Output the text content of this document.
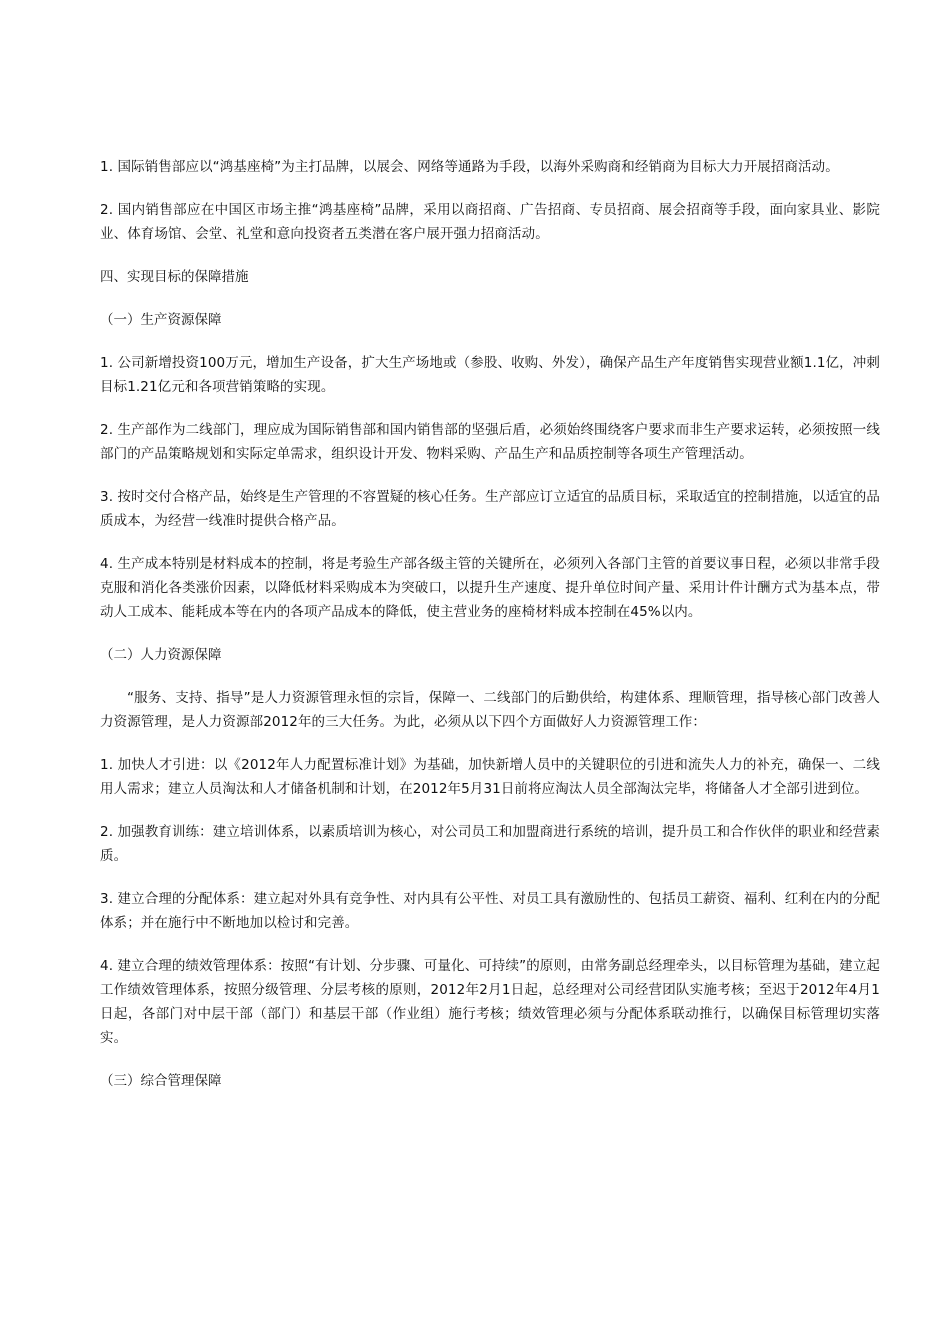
1. 国际销售部应以“鸿基座椅”为主打品牌，以展会、网络等通路为手段，以海外采购商和经销商为目标大力开展招商活动。

2. 国内销售部应在中国区市场主推“鸿基座椅”品牌，采用以商招商、广告招商、专员招商、展会招商等手段，面向家具业、影院业、体育场馆、会堂、礼堂和意向投资者五类潜在客户展开强力招商活动。

四、实现目标的保障措施

（一）生产资源保障

1. 公司新增投资100万元，增加生产设备，扩大生产场地或（参股、收购、外发），确保产品生产年度销售实现营业额1.1亿，冲刺目标1.21亿元和各项营销策略的实现。

2. 生产部作为二线部门，理应成为国际销售部和国内销售部的坚强后盾，必须始终围绕客户要求而非生产要求运转，必须按照一线部门的产品策略规划和实际定单需求，组织设计开发、物料采购、产品生产和品质控制等各项生产管理活动。

3. 按时交付合格产品，始终是生产管理的不容置疑的核心任务。生产部应订立适宜的品质目标，采取适宜的控制措施，以适宜的品质成本，为经营一线准时提供合格产品。

4. 生产成本特别是材料成本的控制，将是考验生产部各级主管的关键所在，必须列入各部门主管的首要议事日程，必须以非常手段克服和消化各类涨价因素，以降低材料采购成本为突破口，以提升生产速度、提升单位时间产量、采用计件计酬方式为基本点，带动人工成本、能耗成本等在内的各项产品成本的降低，使主营业务的座椅材料成本控制在45%以内。

（二）人力资源保障

“服务、支持、指导”是人力资源管理永恒的宗旨，保障一、二线部门的后勤供给，构建体系、理顺管理，指导核心部门改善人力资源管理，是人力资源部2012年的三大任务。为此，必须从以下四个方面做好人力资源管理工作：

1. 加快人才引进：以《2012年人力配置标准计划》为基础，加快新增人员中的关键职位的引进和流失人力的补充，确保一、二线用人需求；建立人员淘汰和人才储备机制和计划，在2012年5月31日前将应淘汰人员全部淘汰完毕，将储备人才全部引进到位。

2. 加强教育训练：建立培训体系，以素质培训为核心，对公司员工和加盟商进行系统的培训，提升员工和合作伙伴的职业和经营素质。

3. 建立合理的分配体系：建立起对外具有竞争性、对内具有公平性、对员工具有激励性的、包括员工薪资、福利、红利在内的分配体系；并在施行中不断地加以检讨和完善。

4. 建立合理的绩效管理体系：按照“有计划、分步骤、可量化、可持续”的原则，由常务副总经理牵头，以目标管理为基础，建立起工作绩效管理体系，按照分级管理、分层考核的原则，2012年2月1日起，总经理对公司经营团队实施考核；至迟于2012年4月1日起，各部门对中层干部（部门）和基层干部（作业组）施行考核；绩效管理必须与分配体系联动推行，以确保目标管理切实落实。

（三）综合管理保障
